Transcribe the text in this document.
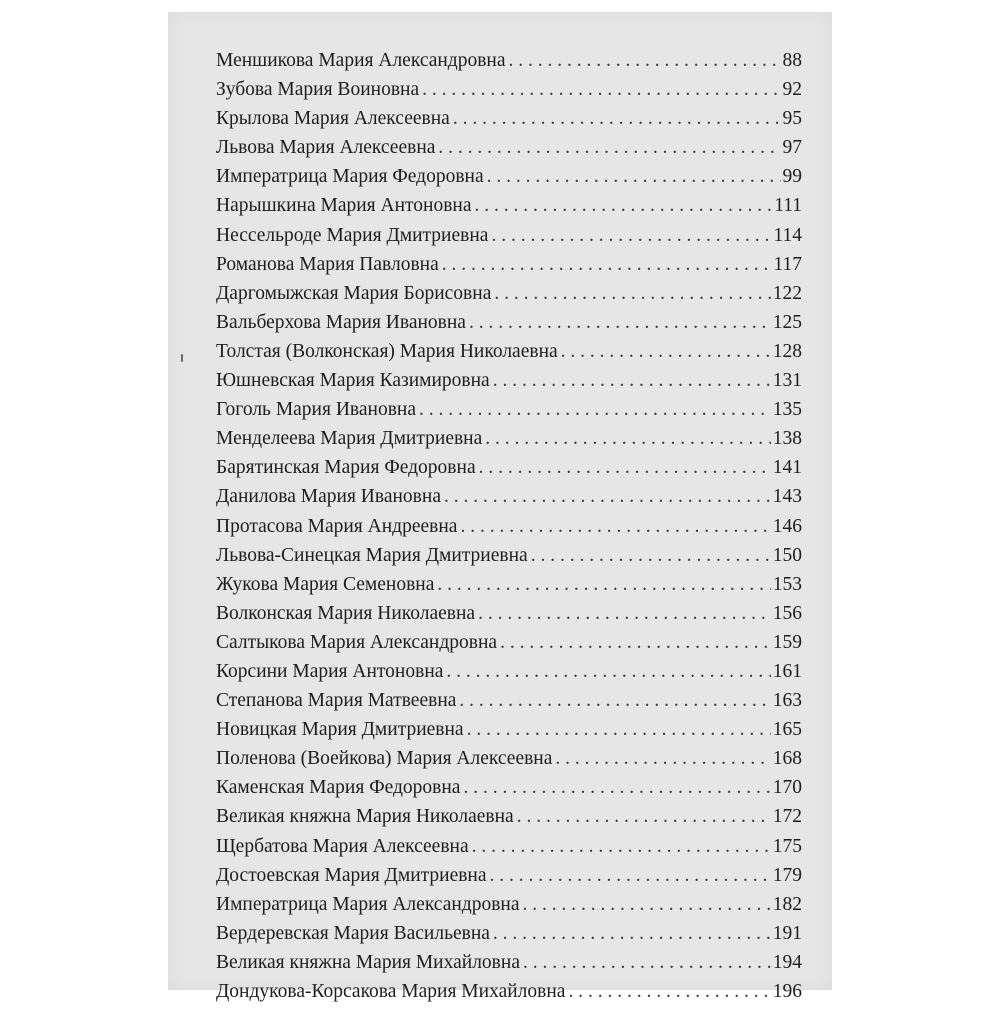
Меншикова Мария Александровна . . .	88
Зубова Мария Воиновна . . .	92
Крылова Мария Алексеевна . . .	95
Львова Мария Алексеевна . . .	97
Императрица Мария Федоровна . . .	99
Нарышкина Мария Антоновна . . .	111
Нессельроде Мария Дмитриевна . . .	114
Романова Мария Павловна . . .	117
Даргомыжская Мария Борисовна . . .	122
Вальберхова Мария Ивановна . . .	125
Толстая (Волконская) Мария Николаевна . . .	128
Юшневская Мария Казимировна . . .	131
Гоголь Мария Ивановна . . .	135
Менделеева Мария Дмитриевна . . .	138
Барятинская Мария Федоровна . . .	141
Данилова Мария Ивановна . . .	143
Протасова Мария Андреевна . . .	146
Львова-Синецкая Мария Дмитриевна . . .	150
Жукова Мария Семеновна . . .	153
Волконская Мария Николаевна . . .	156
Салтыкова Мария Александровна . . .	159
Корсини Мария Антоновна . . .	161
Степанова Мария Матвеевна . . .	163
Новицкая Мария Дмитриевна . . .	165
Поленова (Воейкова) Мария Алексеевна . . .	168
Каменская Мария Федоровна . . .	170
Великая княжна Мария Николаевна . . .	172
Щербатова Мария Алексеевна . . .	175
Достоевская Мария Дмитриевна . . .	179
Императрица Мария Александровна . . .	182
Вердеревская Мария Васильевна . . .	191
Великая княжна Мария Михайловна . . .	194
Дондукова-Корсакова Мария Михайловна . . .	196
